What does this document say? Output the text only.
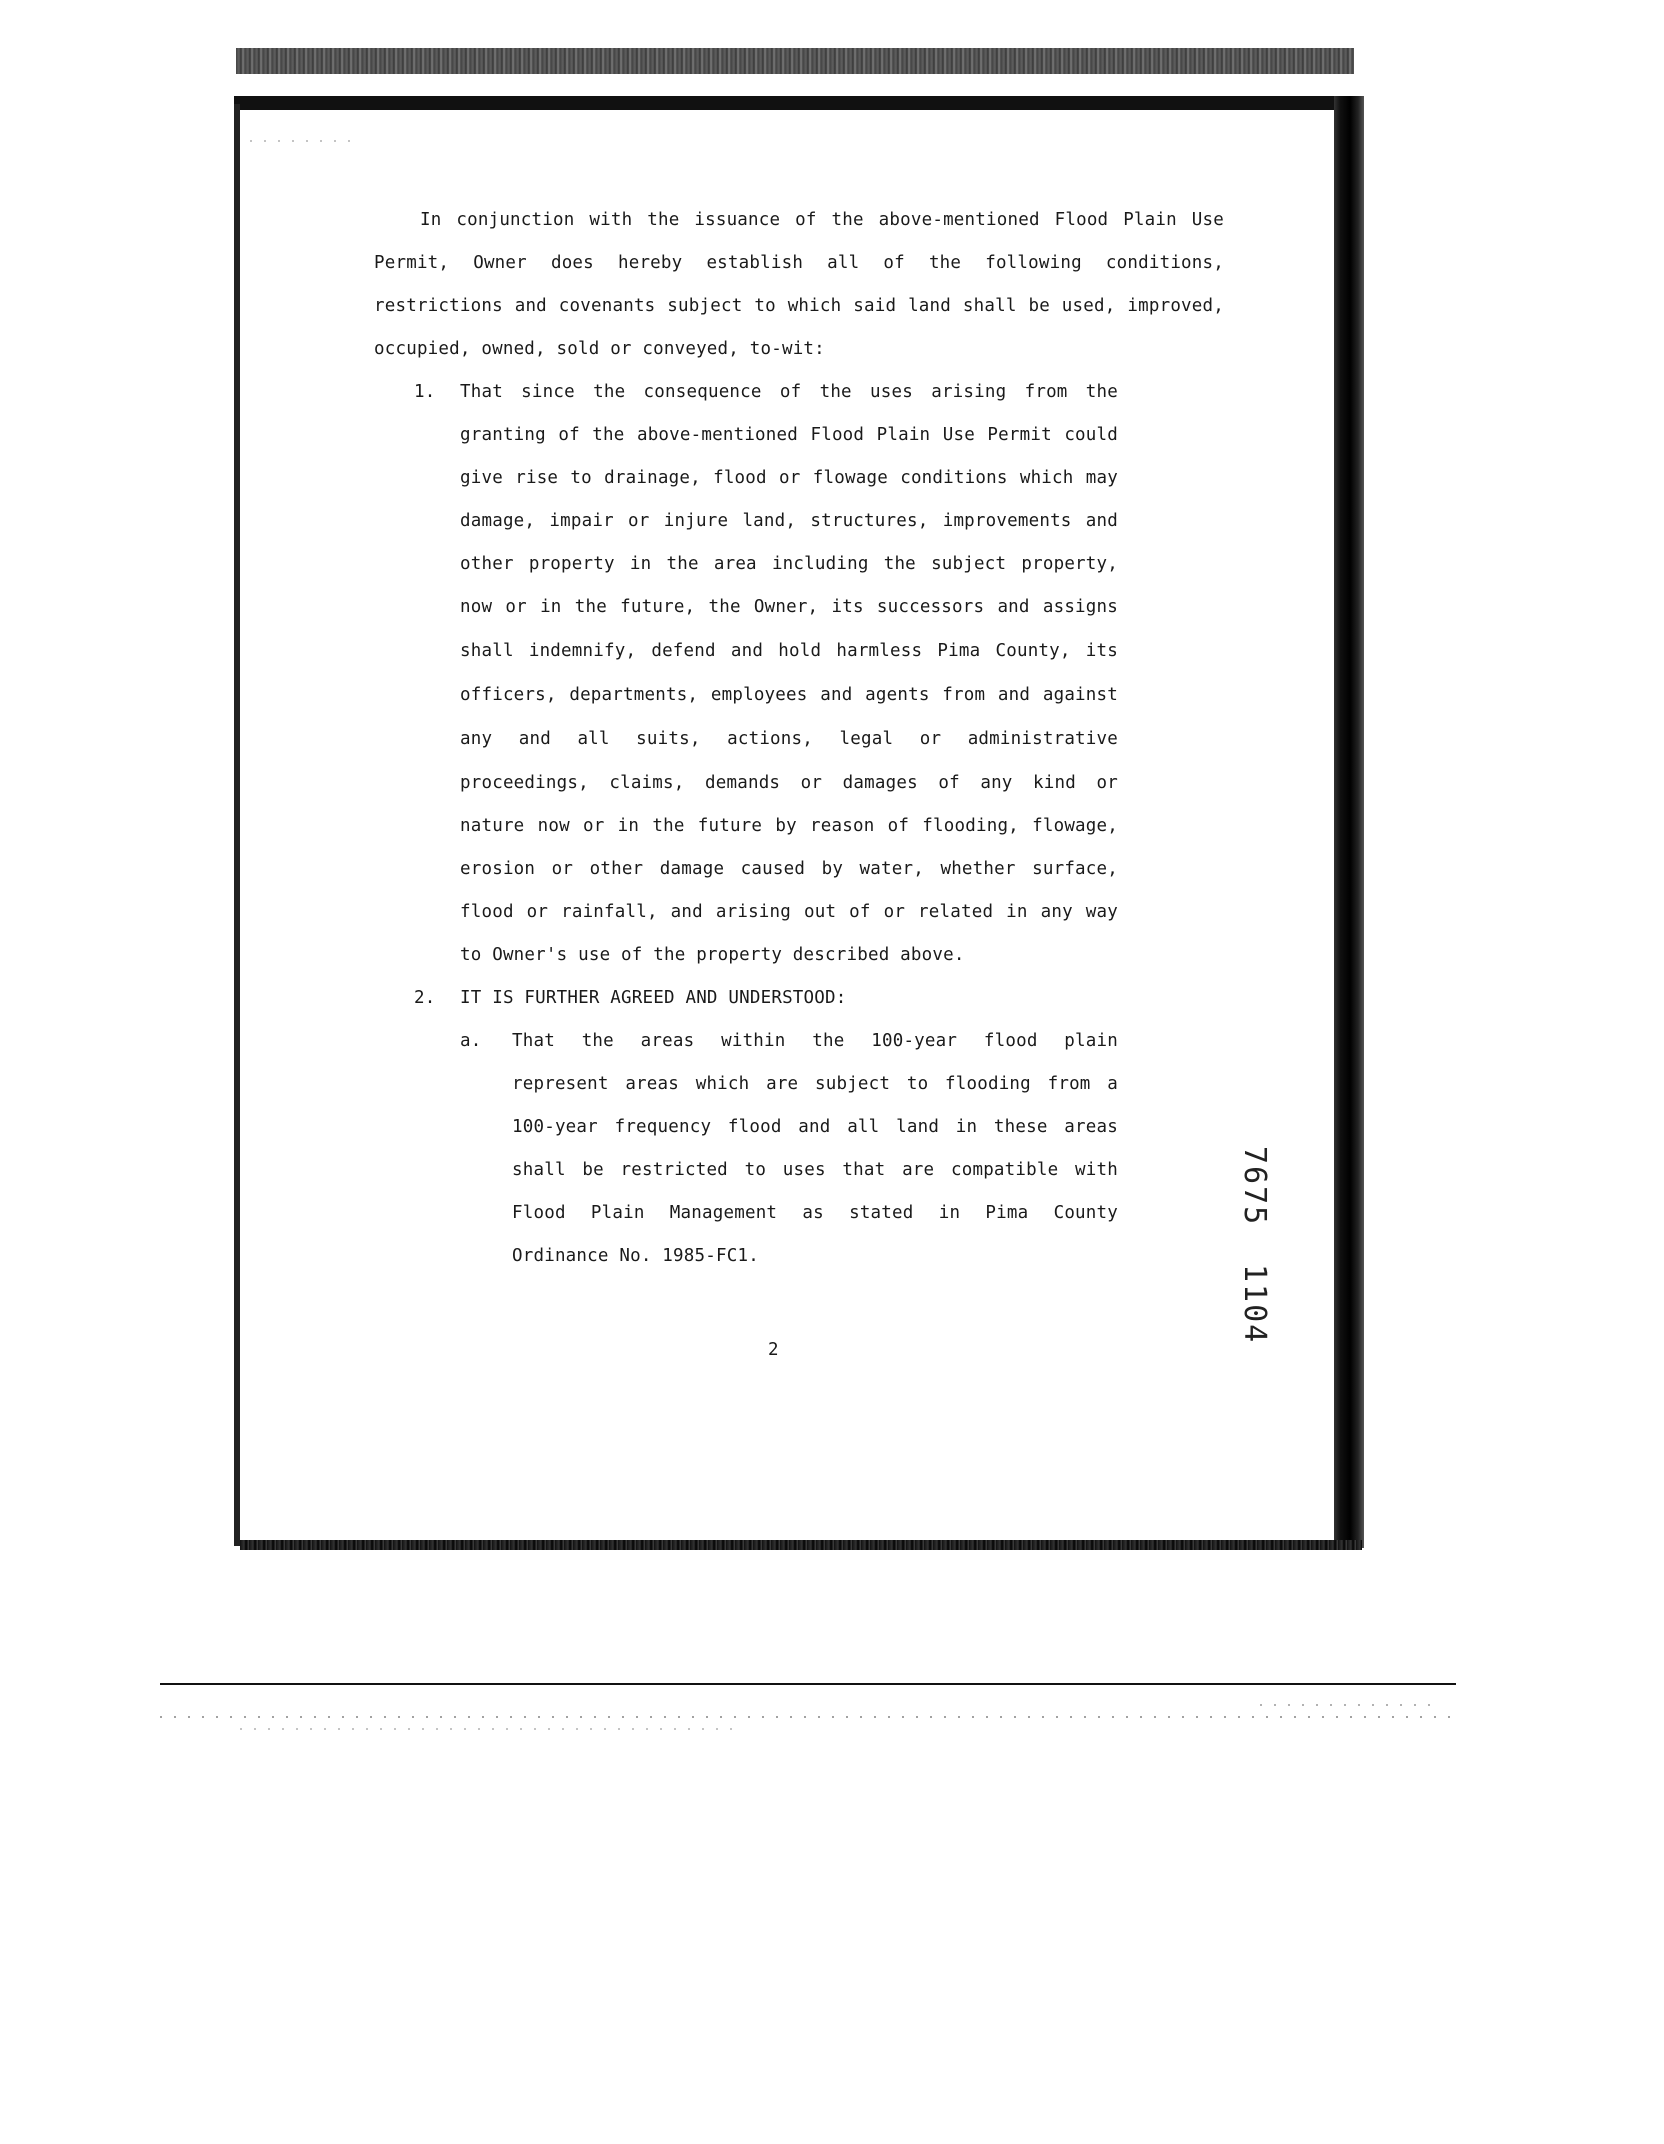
In conjunction with the issuance of the above-mentioned Flood Plain Use
Permit, Owner does hereby establish all of the following conditions,
restrictions and covenants subject to which said land shall be used, improved,
occupied, owned, sold or conveyed, to-wit:
1. That since the consequence of the uses arising from the
granting of the above-mentioned Flood Plain Use Permit could
give rise to drainage, flood or flowage conditions which may
damage, impair or injure land, structures, improvements and
other property in the area including the subject property,
now or in the future, the Owner, its successors and assigns
shall indemnify, defend and hold harmless Pima County, its
officers, departments, employees and agents from and against
any and all suits, actions, legal or administrative
proceedings, claims, demands or damages of any kind or
nature now or in the future by reason of flooding, flowage,
erosion or other damage caused by water, whether surface,
flood or rainfall, and arising out of or related in any way
to Owner's use of the property described above.
2. IT IS FURTHER AGREED AND UNDERSTOOD:
a. That the areas within the 100-year flood plain
represent areas which are subject to flooding from a
100-year frequency flood and all land in these areas
shall be restricted to uses that are compatible with
Flood Plain Management as stated in Pima County
Ordinance No. 1985-FC1.
2
7675
1104
